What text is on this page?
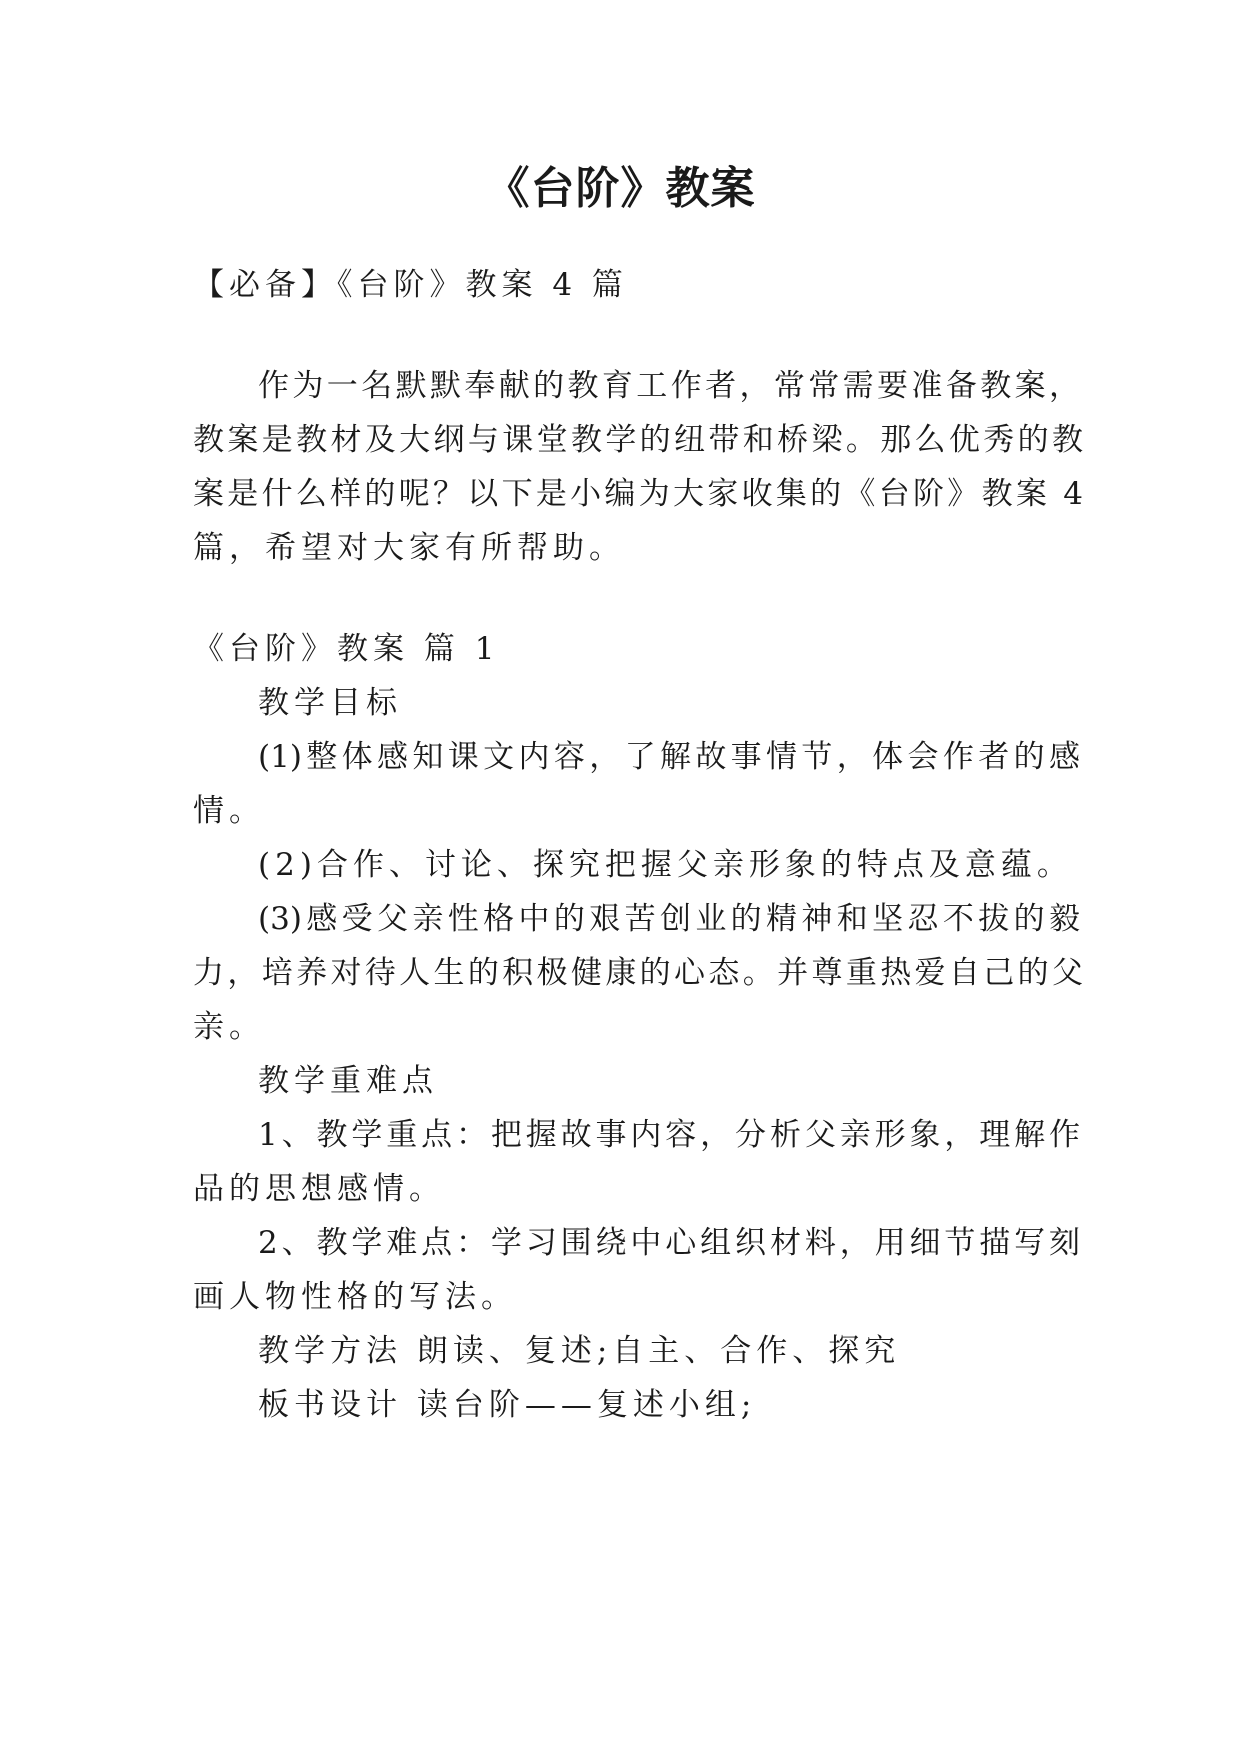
《台阶》教案

【必备】《台阶》教案 4 篇

作为一名默默奉献的教育工作者，常常需要准备教案，

教案是教材及大纲与课堂教学的纽带和桥梁。那么优秀的教

案是什么样的呢？以下是小编为大家收集的《台阶》教案 4

篇，希望对大家有所帮助。

《台阶》教案 篇 1

教学目标

(1)整体感知课文内容，了解故事情节，体会作者的感

情。

(2)合作、讨论、探究把握父亲形象的特点及意蕴。

(3)感受父亲性格中的艰苦创业的精神和坚忍不拔的毅

力，培养对待人生的积极健康的心态。并尊重热爱自己的父

亲。

教学重难点

1、教学重点：把握故事内容，分析父亲形象，理解作

品的思想感情。

2、教学难点：学习围绕中心组织材料，用细节描写刻

画人物性格的写法。

教学方法 朗读、复述;自主、合作、探究

板书设计 读台阶——复述小组;
